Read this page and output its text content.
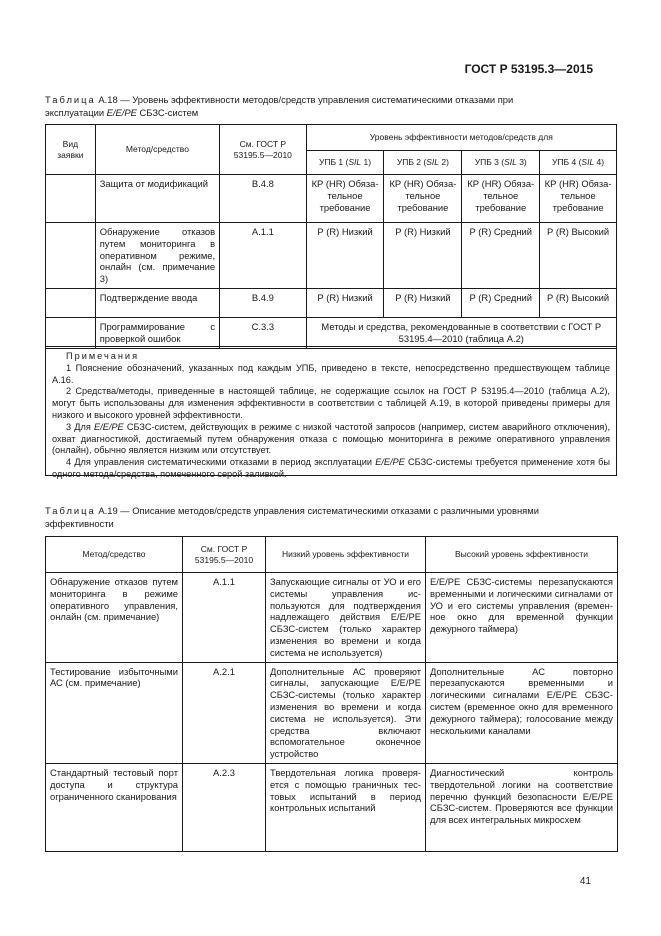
ГОСТ Р 53195.3—2015
Таблица А.18 — Уровень эффективности методов/средств управления систематическими отказами при
эксплуатации E/E/PE СБЗС-систем
Вид заявки	Метод/средство	См. ГОСТ Р 53195.5—2010	Уровень эффективности методов/средств для			
			УПБ 1 (SIL 1)	УПБ 2 (SIL 2)	УПБ 3 (SIL 3)	УПБ 4 (SIL 4)
	Защита от модификаций	В.4.8	КР (HR) Обязательное требование	КР (HR) Обязательное требование	КР (HR) Обязательное требование	КР (HR) Обязательное требование
	Обнаружение отказов путем мониторинга в оперативном режиме, онлайн (см. примечание 3)	А.1.1	Р (R) Низкий	Р (R) Низкий	Р (R) Средний	Р (R) Высокий
	Подтверждение ввода	В.4.9	Р (R) Низкий	Р (R) Низкий	Р (R) Средний	Р (R) Высокий
	Программирование с проверкой ошибок	С.3.3	Методы и средства, рекомендованные в соответствии с ГОСТ Р 53195.4—2010 (таблица А.2)			

Примечания

1 Пояснение обозначений, указанных под каждым УПБ, приведено в тексте, непосредственно предшествующем таблице А.16.

2 Средства/методы, приведенные в настоящей таблице, не содержащие ссылок на ГОСТ Р 53195.4—2010 (таблица А.2), могут быть использованы для изменения эффективности в соответствии с таблицей А.19, в которой приведены примеры для низкого и высокого уровней эффективности.

3 Для E/E/PE СБЗС-систем, действующих в режиме с низкой частотой запросов (например, систем аварийного отключения), охват диагностикой, достигаемый путем обнаружения отказа с помощью мониторинга в режиме оперативного управления (онлайн), обычно является низким или отсутствует.

4 Для управления систематическими отказами в период эксплуатации E/E/PE СБЗС-системы требуется применение хотя бы одного метода/средства, помеченного серой заливкой.

Таблица А.19 — Описание методов/средств управления систематическими отказами с различными уровнями
эффективности
Метод/средство	См. ГОСТ Р 53195.5—2010	Низкий уровень эффективности	Высокий уровень эффективности
Обнаружение отказов путем мониторинга в режиме оперативного управления, онлайн (см. примечание)	А.1.1	Запускающие сигналы от УО и его системы управления используются для подтверждения надлежащего действия E/E/PE СБЗС-систем (только характер изменения во времени и когда система не используется)	E/E/PE СБЗС-системы перезaпускаются временными и логическими сигналами от УО и его системы управления (временное окно для временной функции дежурного таймера)
Тестирование избыточными АС (см. примечание)	А.2.1	Дополнительные АС проверяют сигналы, запускающие E/E/PE СБЗС-системы (только характер изменения во времени и когда система не используется). Эти средства включают вспомогательное оконечное устройство	Дополнительные АС повторно перезапускаются временными и логическими сигналами E/E/PE СБЗС-систем (временное окно для временного дежурного таймера); голосование между несколькими каналами
Стандартный тестовый порт доступа и структура ограниченного сканирования	А.2.3	Твердотельная логика проверяется с помощью граничных тестовых испытаний в период контрольных испытаний	Диагностический контроль твердотельной логики на соответствие перечню функций безопасности E/E/PE СБЗС-систем. Проверяются все функции для всех интегральных микросхем
41
